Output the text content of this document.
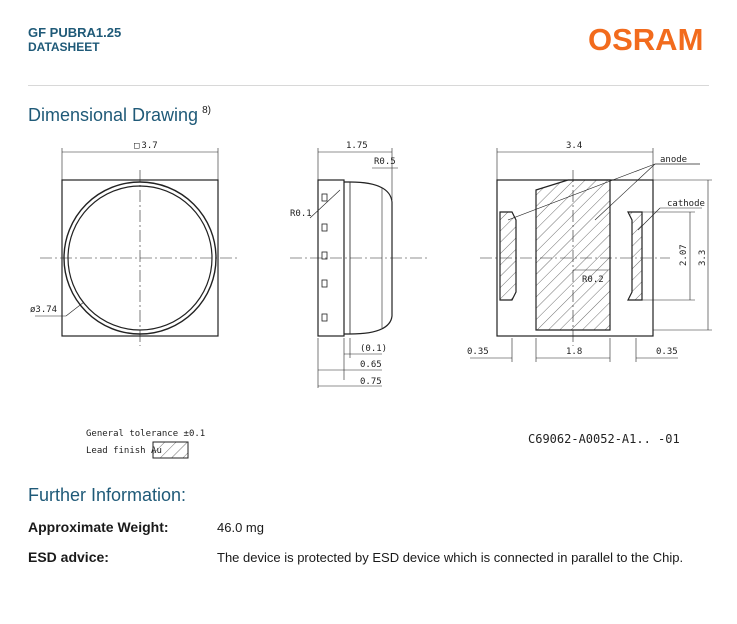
GF PUBRA1.25
DATASHEET	OSRAM
Dimensional Drawing $^{8)}$
□ 3.7
ø3.74
1.75
R0.5
R0.1
(0.1)
0.65
0.75
3.4
anode
cathode
R0.2
0.35	1.8	0.35
2.07 3.3
General tolerance ±0.1
Lead finish Au
C69062-A0052-A1.. -01
Further Information:
Approximate Weight:	46.0 mg
ESD advice:	The device is protected by ESD device which is connected in parallel to the Chip.
